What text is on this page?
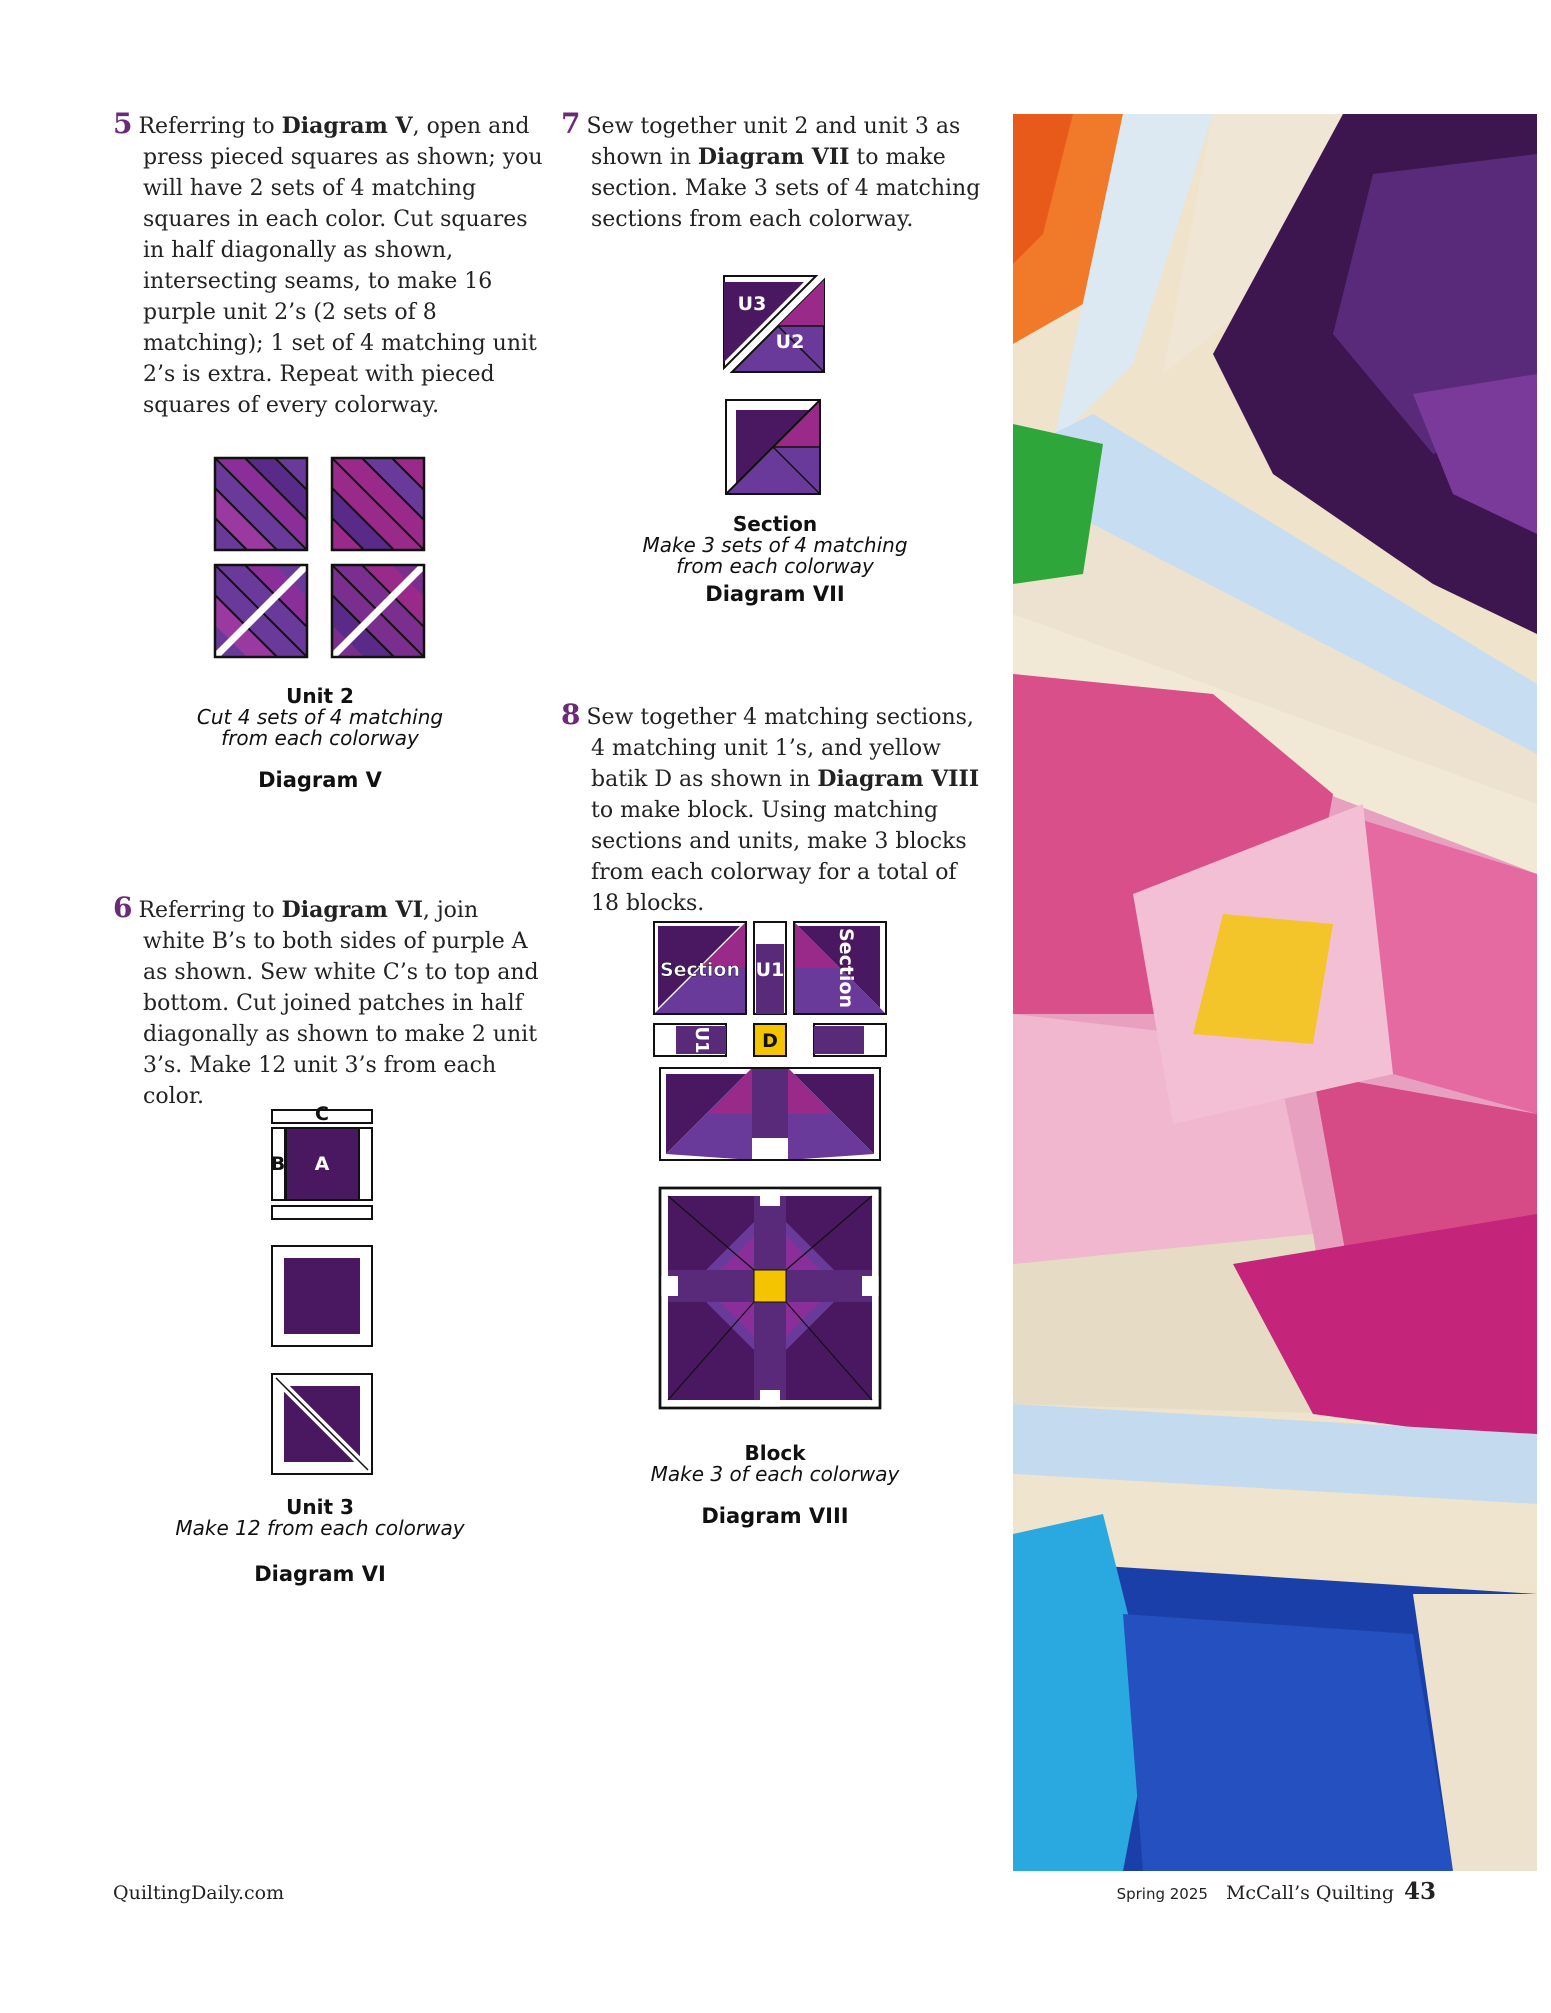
5 Referring to Diagram V, open and press pieced squares as shown; you will have 2 sets of 4 matching squares in each color. Cut squares in half diagonally as shown, intersecting seams, to make 16 purple unit 2’s (2 sets of 8 matching); 1 set of 4 matching unit 2’s is extra. Repeat with pieced squares of every colorway.
Unit 2
Cut 4 sets of 4 matching
from each colorway
Diagram V
6 Referring to Diagram VI, join white B’s to both sides of purple A as shown. Sew white C’s to top and bottom. Cut joined patches in half diagonally as shown to make 2 unit 3’s. Make 12 unit 3’s from each color.
C
B A
Unit 3
Make 12 from each colorway
Diagram VI
7 Sew together unit 2 and unit 3 as shown in Diagram VII to make section. Make 3 sets of 4 matching sections from each colorway.
U3
U2
Section
Make 3 sets of 4 matching
from each colorway
Diagram VII
8 Sew together 4 matching sections, 4 matching unit 1’s, and yellow batik D as shown in Diagram VIII to make block. Using matching sections and units, make 3 blocks from each colorway for a total of 18 blocks.
Section U1	Section
U1	D
Block
Make 3 of each colorway
Diagram VIII
QuiltingDaily.com	Spring 2025 McCall’s Quilting 43
